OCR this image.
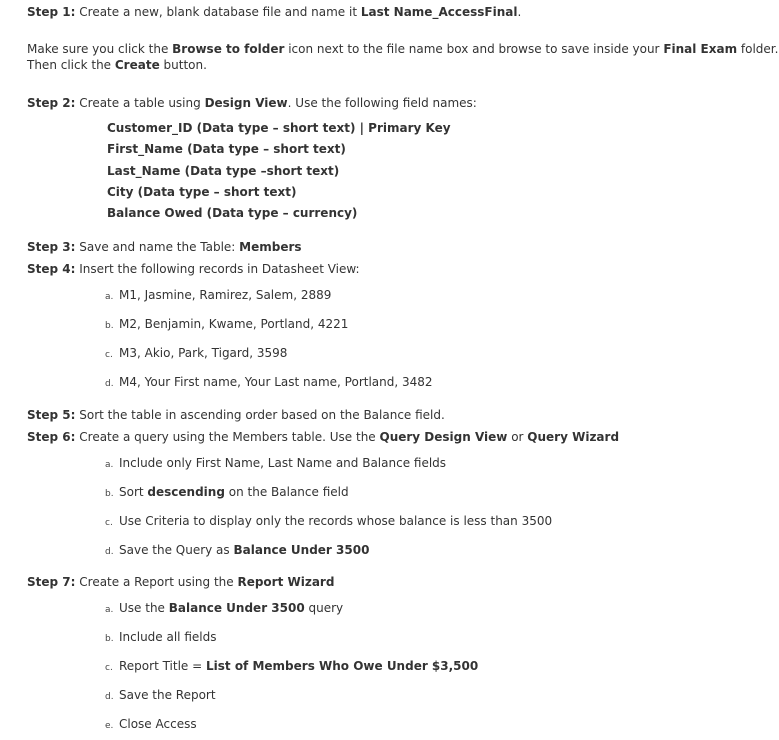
Step 1: Create a new, blank database file and name it Last Name_AccessFinal.

Make sure you click the Browse to folder icon next to the file name box and browse to save inside your Final Exam folder.

Then click the Create button.

Step 2: Create a table using Design View. Use the following field names:

Customer_ID (Data type – short text) | Primary Key

First_Name (Data type – short text)

Last_Name (Data type –short text)

City (Data type – short text)

Balance Owed (Data type – currency)

Step 3: Save and name the Table: Members

Step 4: Insert the following records in Datasheet View:

a. M1, Jasmine, Ramirez, Salem, 2889

b. M2, Benjamin, Kwame, Portland, 4221

c. M3, Akio, Park, Tigard, 3598

d. M4, Your First name, Your Last name, Portland, 3482

Step 5: Sort the table in ascending order based on the Balance field.

Step 6: Create a query using the Members table. Use the Query Design View or Query Wizard

a. Include only First Name, Last Name and Balance fields

b. Sort descending on the Balance field

c. Use Criteria to display only the records whose balance is less than 3500

d. Save the Query as Balance Under 3500

Step 7: Create a Report using the Report Wizard

a. Use the Balance Under 3500 query

b. Include all fields

c. Report Title = List of Members Who Owe Under $3,500

d. Save the Report

e. Close Access
